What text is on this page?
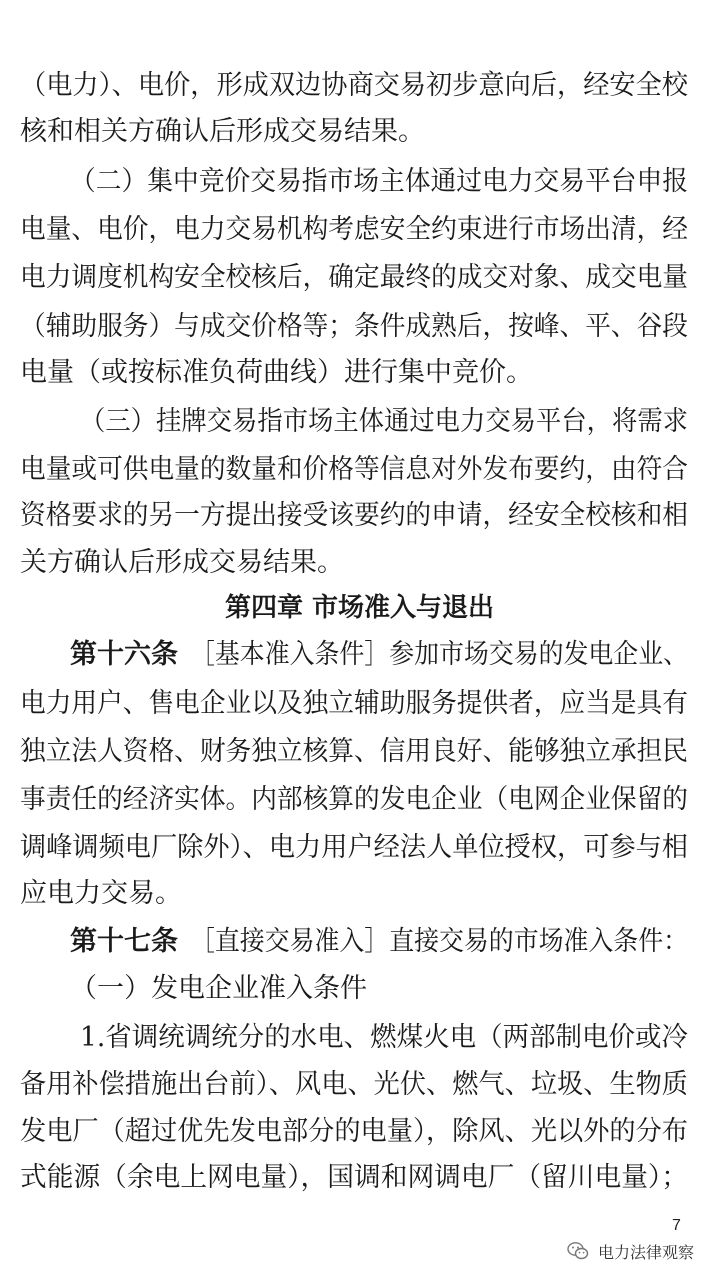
（电力）、电价，形成双边协商交易初步意向后，经安全校
核和相关方确认后形成交易结果。
（二）集中竞价交易指市场主体通过电力交易平台申报
电量、电价，电力交易机构考虑安全约束进行市场出清，经
电力调度机构安全校核后，确定最终的成交对象、成交电量
（辅助服务）与成交价格等；条件成熟后，按峰、平、谷段
电量（或按标准负荷曲线）进行集中竞价。
（三）挂牌交易指市场主体通过电力交易平台，将需求
电量或可供电量的数量和价格等信息对外发布要约，由符合
资格要求的另一方提出接受该要约的申请，经安全校核和相
关方确认后形成交易结果。
第四章 市场准入与退出
第十六条 ［基本准入条件］参加市场交易的发电企业、
电力用户、售电企业以及独立辅助服务提供者，应当是具有
独立法人资格、财务独立核算、信用良好、能够独立承担民
事责任的经济实体。内部核算的发电企业（电网企业保留的
调峰调频电厂除外）、电力用户经法人单位授权，可参与相
应电力交易。
第十七条 ［直接交易准入］直接交易的市场准入条件：
（一）发电企业准入条件
1.省调统调统分的水电、燃煤火电（两部制电价或冷
备用补偿措施出台前）、风电、光伏、燃气、垃圾、生物质
发电厂（超过优先发电部分的电量），除风、光以外的分布
式能源（余电上网电量），国调和网调电厂（留川电量）；
7
电力法律观察
